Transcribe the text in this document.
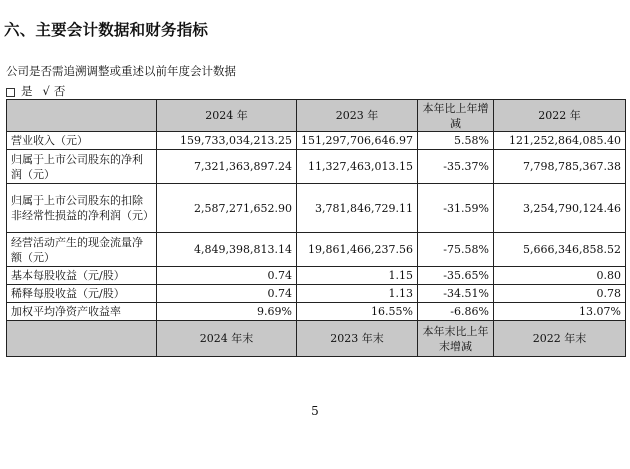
六、主要会计数据和财务指标
公司是否需追溯调整或重述以前年度会计数据
是 √ 否
	2024 年	2023 年	本年比上年增减	2022 年
营业收入（元）	159,733,034,213.25	151,297,706,646.97	5.58%	121,252,864,085.40
归属于上市公司股东的净利润（元）	7,321,363,897.24	11,327,463,013.15	-35.37%	7,798,785,367.38
归属于上市公司股东的扣除非经常性损益的净利润（元）	2,587,271,652.90	3,781,846,729.11	-31.59%	3,254,790,124.46
经营活动产生的现金流量净额（元）	4,849,398,813.14	19,861,466,237.56	-75.58%	5,666,346,858.52
基本每股收益（元/股）	0.74	1.15	-35.65%	0.80
稀释每股收益（元/股）	0.74	1.13	-34.51%	0.78
加权平均净资产收益率	9.69%	16.55%	-6.86%	13.07%
	2024 年末	2023 年末	本年末比上年末增减	2022 年末
5
